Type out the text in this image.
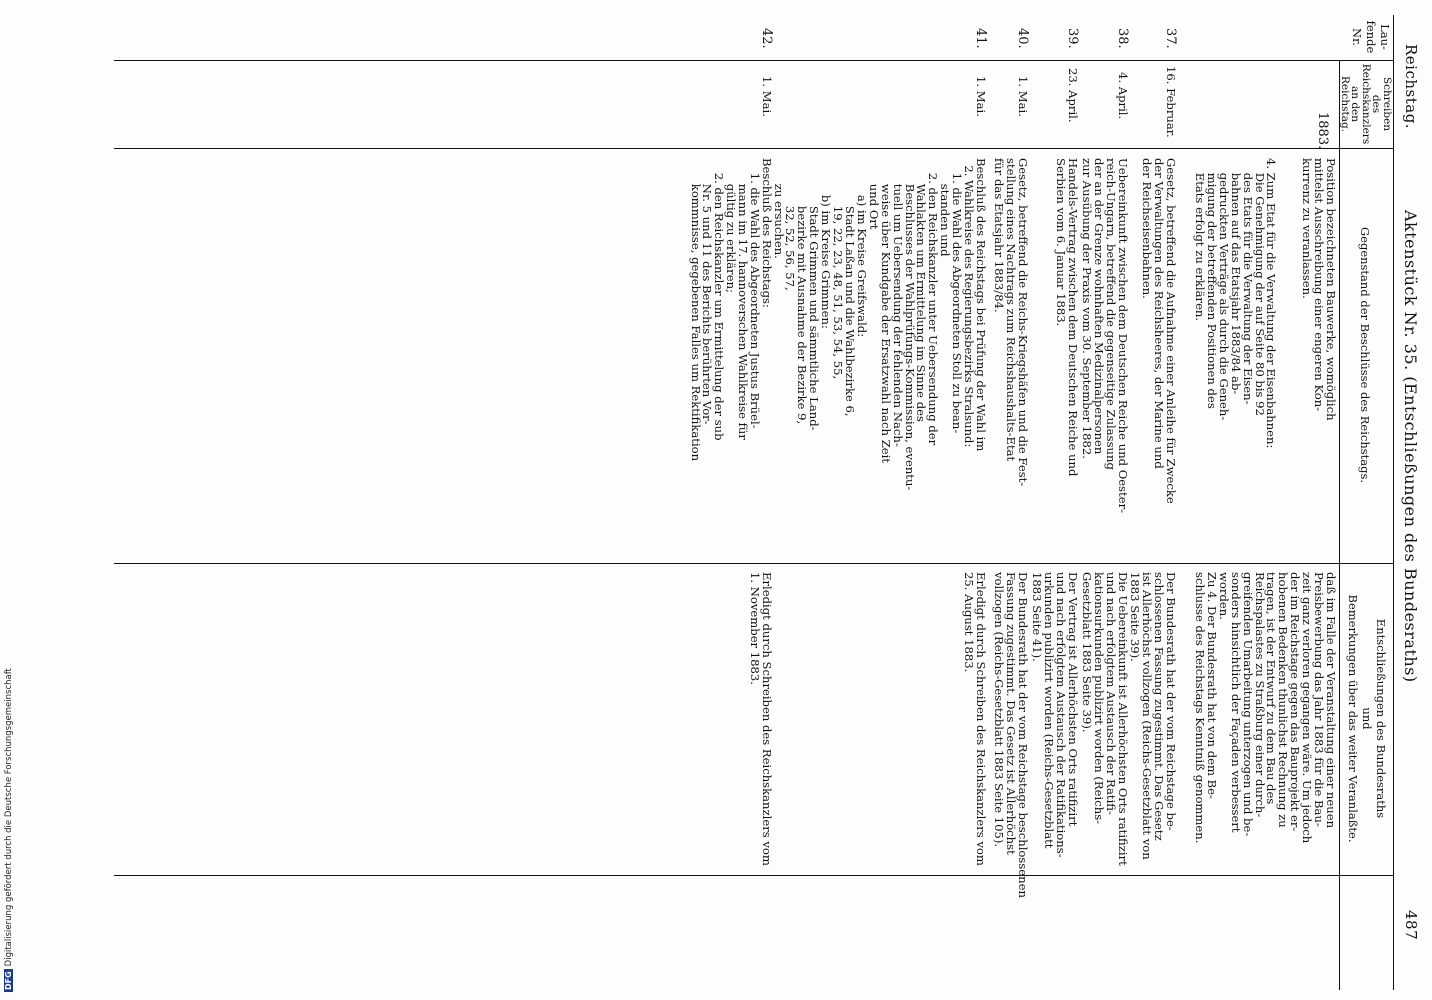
DFGDigitalisierung gefördert durch die Deutsche Forschungsgemeinschaft
Reichstag.
Aktenstück Nr. 35. (Entschließungen des Bundesraths)
487
Lau-
fende
Nr.
Schreiben
des
Reichskanzlers
an den
Reichstag.
Gegenstand der Beschlüsse des Reichstags.
Entschließungen des Bundesraths
und
Bemerkungen über das weiter Veranlaßte.
1883.
Position bezeichneten Bauwerke, womöglich
mittelst Ausschreibung einer engeren Kon-
kurrenz zu veranlassen.

4. Zum Etat für die Verwaltung der Eisenbahnen:
Die Genehmigung der auf Seite 80 bis 92
des Etats für die Verwaltung der Eisen-
bahnen auf das Etatsjahr 1883/84 ab-
gedruckten Verträge als durch die Geneh-
migung der betreffenden Positionen des
Etats erfolgt zu erklären.
daß im Falle der Veranstaltung einer neuen
Preisbewerbung das Jahr 1883 für die Bau-
zeit ganz verloren gegangen wäre. Um jedoch
der im Reichstage gegen das Bauprojekt er-
hobenen Bedenken thunlichst Rechnung zu
tragen, ist der Entwurf zu dem Bau des
Reichspalastes zu Straßburg einer durch-
greifenden Umarbeitung unterzogen und be-
sonders hinsichtlich der Façaden verbessert
worden.
Zu 4. Der Bundesrath hat von dem Be-
schlusse des Reichstags Kenntniß genommen.
37.
16. Februar.
Gesetz, betreffend die Aufnahme einer Anleihe für Zwecke
der Verwaltungen des Reichsheeres, der Marine und
der Reichseisenbahnen.
Der Bundesrath hat der vom Reichstage be-
schlossenen Fassung zugestimmt. Das Gesetz
ist Allerhöchst vollzogen (Reichs-Gesetzblatt von
1883 Seite 39).
38.
4. April.
Uebereinkunft zwischen dem Deutschen Reiche und Oester-
reich-Ungarn, betreffend die gegenseitige Zulassung
der an der Grenze wohnhaften Medizinalpersonen
zur Ausübung der Praxis vom 30. September 1882.
Die Uebereinkunft ist Allerhöchsten Orts ratifizirt
und nach erfolgtem Austausch der Ratifi-
kationsurkunden publizirt worden (Reichs-
Gesetzblatt 1883 Seite 39).
39.
23. April.
Handels-Vertrag zwischen dem Deutschen Reiche und
Serbien vom 6. Januar 1883.
Der Vertrag ist Allerhöchsten Orts ratifizirt
und nach erfolgtem Austausch der Ratifikations-
urkunden publizirt worden (Reichs-Gesetzblatt
1883 Seite 41).
40.
1. Mai.
Gesetz, betreffend die Reichs-Kriegshäfen und die Fest-
stellung eines Nachtrags zum Reichshaushalts-Etat
für das Etatsjahr 1883/84.
Der Bundesrath hat der vom Reichstage beschlossenen
Fassung zugestimmt. Das Gesetz ist Allerhöchst
vollzogen (Reichs-Gesetzblatt 1883 Seite 105).
41.
1. Mai.
Beschluß des Reichstags bei Prüfung der Wahl im
2. Wahlkreise des Regierungsbezirks Stralsund:
1. die Wahl des Abgeordneten Stoll zu bean-
standen und
2. den Reichskanzler unter Uebersendung der
Wahlakten um Ermittelung im Sinne des
Beschlusses der Wahlprüfungs-Kommission, eventu-
tuell um Uebersendung der fehlenden Nach-
weise über Kundgabe der Ersatzwahl nach Zeit
und Ort
a) im Kreise Greifswald:
Stadt Laßan und die Wahlbezirke 6,
19, 22, 23, 48, 51, 53, 54, 55,
b) im Kreise Grimmen:
Stadt Grimmen und sämmtliche Land-
bezirke mit Ausnahme der Bezirke 9,
32, 52, 56, 57,
zu ersuchen.
Erledigt durch Schreiben des Reichskanzlers vom
25. August 1883.
42.
1. Mai.
Beschluß des Reichstags:
1. die Wahl des Abgeordneten Justus Brüel-
mann im 17. hannoverschen Wahlkreise für
gültig zu erklären;
2. den Reichskanzler um Ermittelung der sub
Nr. 5 und 11 des Berichts berührten Vor-
kommnisse, gegebenen Falles um Rektifikation
Erledigt durch Schreiben des Reichskanzlers vom
1. November 1883.
